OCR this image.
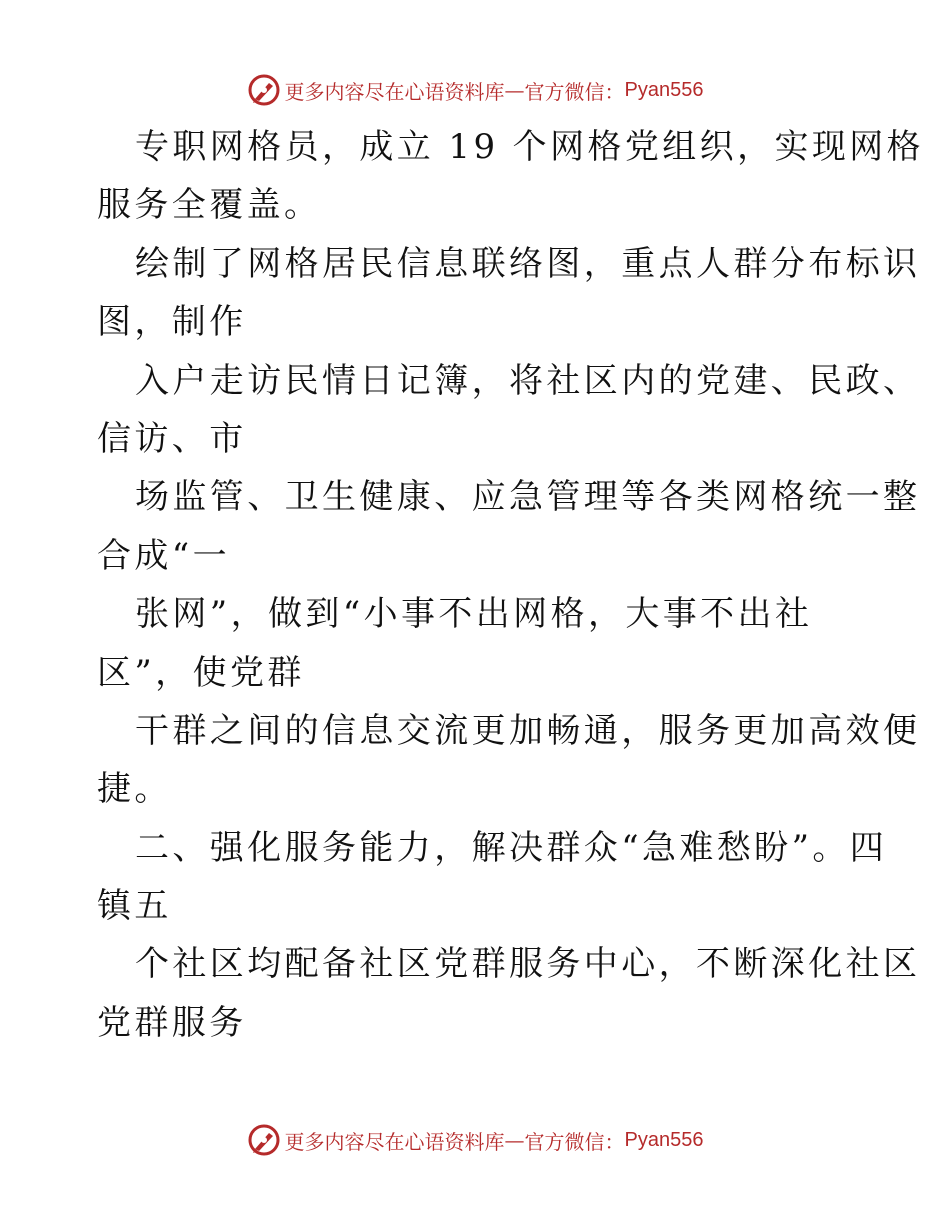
更多内容尽在心语资料库 — 官方微信： Pyan556
专职网格员，成立 19 个网格党组织，实现网格
服务全覆盖。
绘制了网格居民信息联络图，重点人群分布标识
图，制作
入户走访民情日记簿，将社区内的党建、民政、
信访、市
场监管、卫生健康、应急管理等各类网格统一整
合成“一
张网”，做到“小事不出网格，大事不出社
区”，使党群
干群之间的信息交流更加畅通，服务更加高效便
捷。
二、强化服务能力，解决群众“急难愁盼”。四
镇五
个社区均配备社区党群服务中心，不断深化社区
党群服务
更多内容尽在心语资料库 — 官方微信： Pyan556
